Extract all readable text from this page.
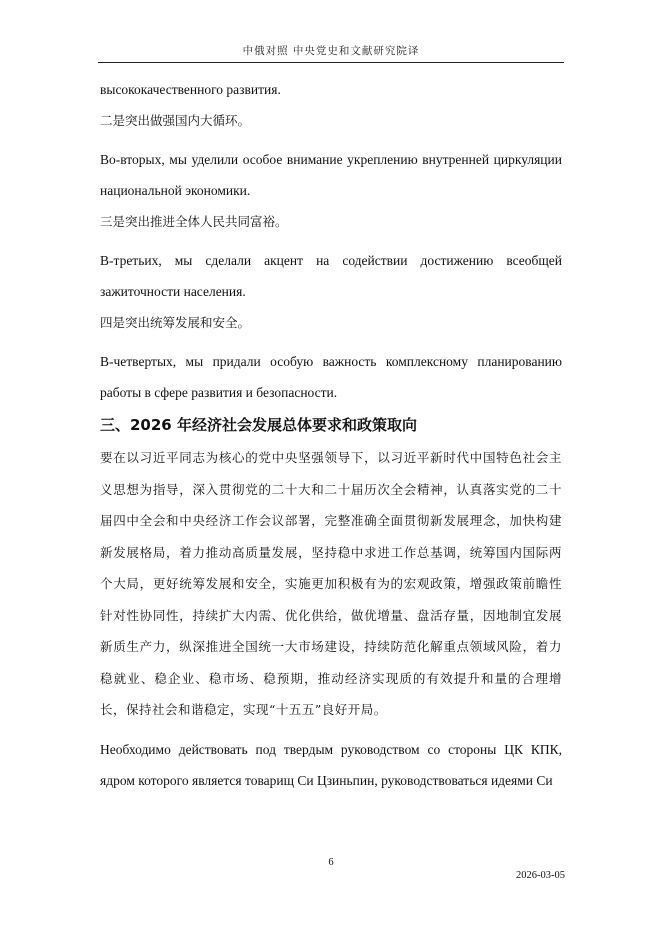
中俄对照 中央党史和文献研究院译

высококачественного развития.

二是突出做强国内大循环。

Во-вторых, мы уделили особое внимание укреплению внутренней циркуляции национальной экономики.

三是突出推进全体人民共同富裕。

В-третьих, мы сделали акцент на содействии достижению всеобщей зажиточности населения.

四是突出统筹发展和安全。

В-четвертых, мы придали особую важность комплексному планированию работы в сфере развития и безопасности.

三、2026 年经济社会发展总体要求和政策取向

要在以习近平同志为核心的党中央坚强领导下，以习近平新时代中国特色社会主义思想为指导，深入贯彻党的二十大和二十届历次全会精神，认真落实党的二十届四中全会和中央经济工作会议部署，完整准确全面贯彻新发展理念，加快构建新发展格局，着力推动高质量发展，坚持稳中求进工作总基调，统筹国内国际两个大局，更好统筹发展和安全，实施更加积极有为的宏观政策，增强政策前瞻性针对性协同性，持续扩大内需、优化供给，做优增量、盘活存量，因地制宜发展新质生产力，纵深推进全国统一大市场建设，持续防范化解重点领域风险，着力稳就业、稳企业、稳市场、稳预期，推动经济实现质的有效提升和量的合理增长，保持社会和谐稳定，实现“十五五”良好开局。

Необходимо действовать под твердым руководством со стороны ЦК КПК, ядром которого является товарищ Си Цзиньпин, руководствоваться идеями Си

6
2026-03-05
